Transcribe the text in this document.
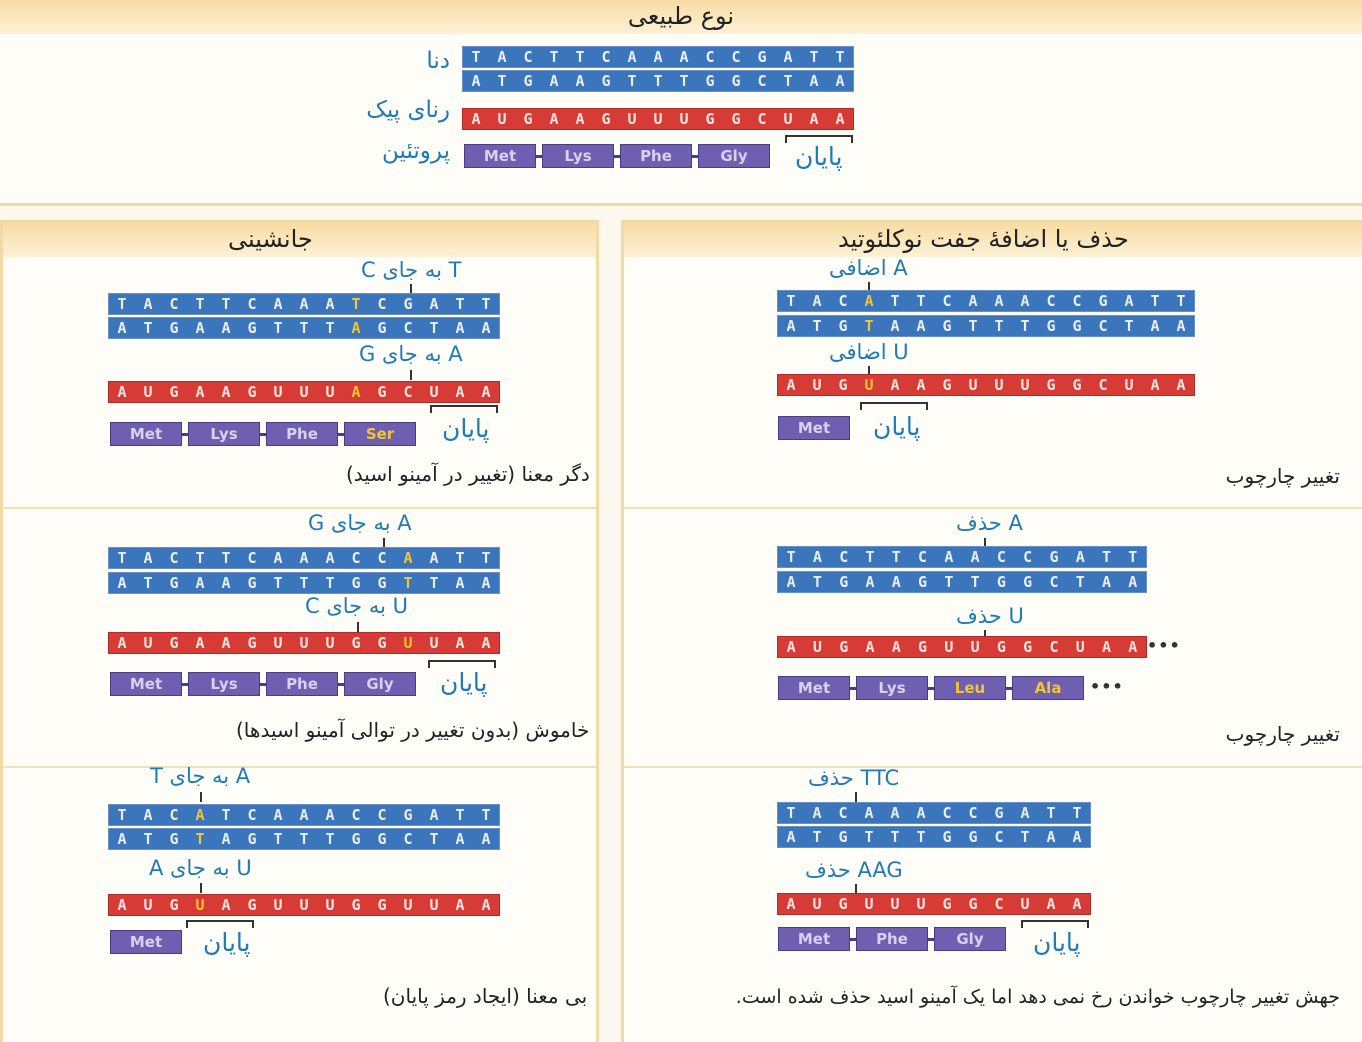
نوع طبیعی
دنا
رنای پیک
پروتئین
T	A	C	T	T	C	A	A	A	C	C	G	A	T	T
A	T	G	A	A	G	T	T	T	G	G	C	T	A	A
A	U	G	A	A	G	U	U	U	G	G	C	U	A	A
Met	Lys	Phe	Gly	پایان
جانشینی
T به جای C
T	A	C	T	T	C	A	A	A	T	C	G	A	T	T
A	T	G	A	A	G	T	T	T	A	G	C	T	A	A
A به جای G
A	U	G	A	A	G	U	U	U	A	G	C	U	A	A
Met	Lys	Phe	Ser	پایان
دگر معنا (تغییر در آمینو اسید)
A به جای G
T	A	C	T	T	C	A	A	A	C	C	A	A	T	T
A	T	G	A	A	G	T	T	T	G	G	T	T	A	A
U به جای C
A	U	G	A	A	G	U	U	U	G	G	U	U	A	A
Met	Lys	Phe	Gly	پایان
خاموش (بدون تغییر در توالی آمینو اسیدها)
A به جای T
T	A	C	A	T	C	A	A	A	C	C	G	A	T	T
A	T	G	T	A	G	T	T	T	G	G	C	T	A	A
U به جای A
A	U	G	U	A	G	U	U	U	G	G	U	U	A	A
Met	پایان
بی معنا (ایجاد رمز پایان)
حذف یا اضافهٔ جفت نوکلئوتید
A اضافی
T	A	C	A	T	T	C	A	A	A	C	C	G	A	T	T
A	T	G	T	A	A	G	T	T	T	G	G	C	T	A	A
U اضافی
A	U	G	U	A	A	G	U	U	U	G	G	C	U	A	A
Met	پایان
تغییر چارچوب
A حذف
T	A	C	T	T	C	A	A	C	C	G	A	T	T
A	T	G	A	A	G	T	T	G	G	C	T	A	A
U حذف
A	U	G	A	A	G	U	U	G	G	C	U	A	A •••
Met	Lys	Leu	Ala	•••
تغییر چارچوب
TTC حذف
T	A	C	A	A	A	C	C	G	A	T	T
A	T	G	T	T	T	G	G	C	T	A	A
AAG حذف
A	U	G	U	U	U	G	G	C	U	A	A
Met	Phe	Gly	پایان
جهش تغییر چارچوب خواندن رخ نمی دهد اما یک آمینو اسید حذف شده است.
